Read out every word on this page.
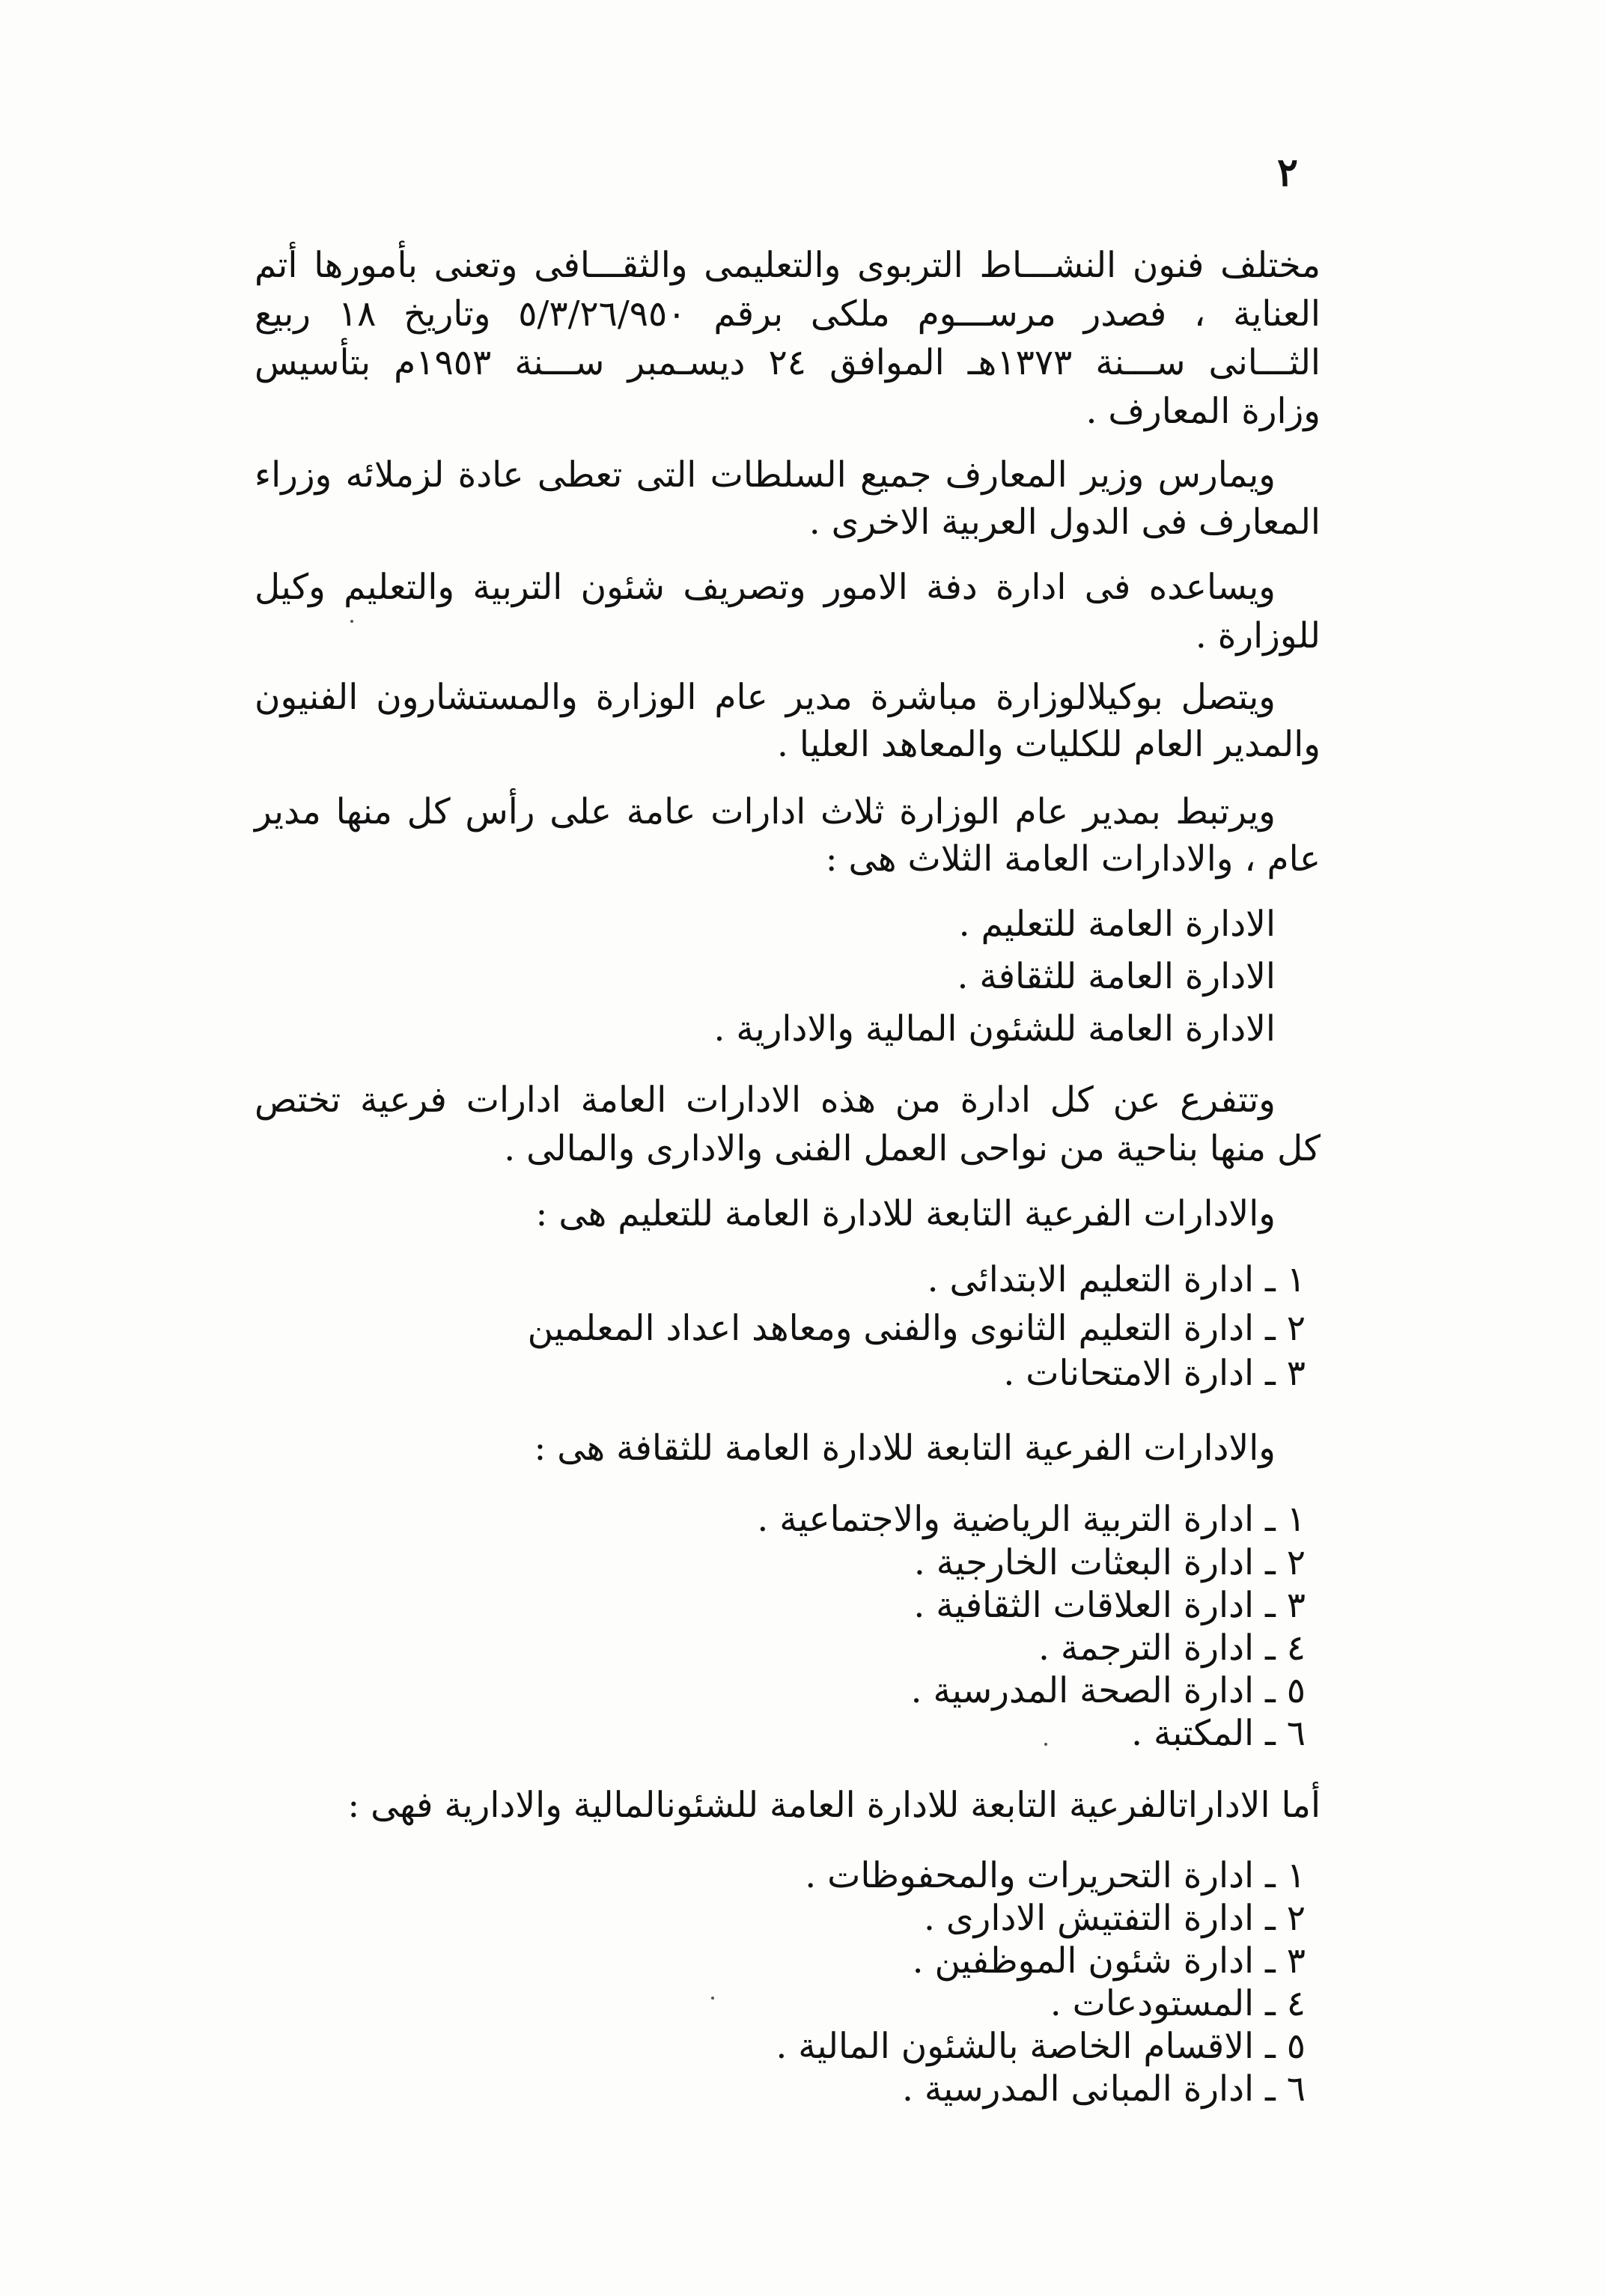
٢
مختلف فنون النشـــاط التربوى والتعليمى والثقـــافى وتعنى بأمورها أتم
العناية ، فصدر مرســـوم ملكى برقم ٥/٣/٢٦/٩٥٠ وتاريخ ١٨ ربيع
الثـــانى ســـنة ١٣٧٣هـ الموافق ٢٤ ديسـمبر ســـنة ١٩٥٣م بتأسيس
وزارة المعارف .
ويمارس وزير المعارف جميع السلطات التى تعطى عادة لزملائه وزراء
المعارف فى الدول العربية الاخرى .
ويساعده فى ادارة دفة الامور وتصريف شئون التربية والتعليم وكيل
للوزارة .
ويتصل بوكيلالوزارة مباشرة مدير عام الوزارة والمستشارون الفنيون
والمدير العام للكليات والمعاهد العليا .
ويرتبط بمدير عام الوزارة ثلاث ادارات عامة على رأس كل منها مدير
عام ، والادارات العامة الثلاث هى :
الادارة العامة للتعليم .
الادارة العامة للثقافة .
الادارة العامة للشئون المالية والادارية .
وتتفرع عن كل ادارة من هذه الادارات العامة ادارات فرعية تختص
كل منها بناحية من نواحى العمل الفنى والادارى والمالى .
والادارات الفرعية التابعة للادارة العامة للتعليم هى :
١ ـ ادارة التعليم الابتدائى .
٢ ـ ادارة التعليم الثانوى والفنى ومعاهد اعداد المعلمين
٣ ـ ادارة الامتحانات .
والادارات الفرعية التابعة للادارة العامة للثقافة هى :
١ ـ ادارة التربية الرياضية والاجتماعية .
٢ ـ ادارة البعثات الخارجية .
٣ ـ ادارة العلاقات الثقافية .
٤ ـ ادارة الترجمة .
٥ ـ ادارة الصحة المدرسية .
٦ ـ المكتبة .
أما الاداراتالفرعية التابعة للادارة العامة للشئونالمالية والادارية فهى :
١ ـ ادارة التحريرات والمحفوظات .
٢ ـ ادارة التفتيش الادارى .
٣ ـ ادارة شئون الموظفين .
٤ ـ المستودعات .
٥ ـ الاقسام الخاصة بالشئون المالية .
٦ ـ ادارة المبانى المدرسية .
